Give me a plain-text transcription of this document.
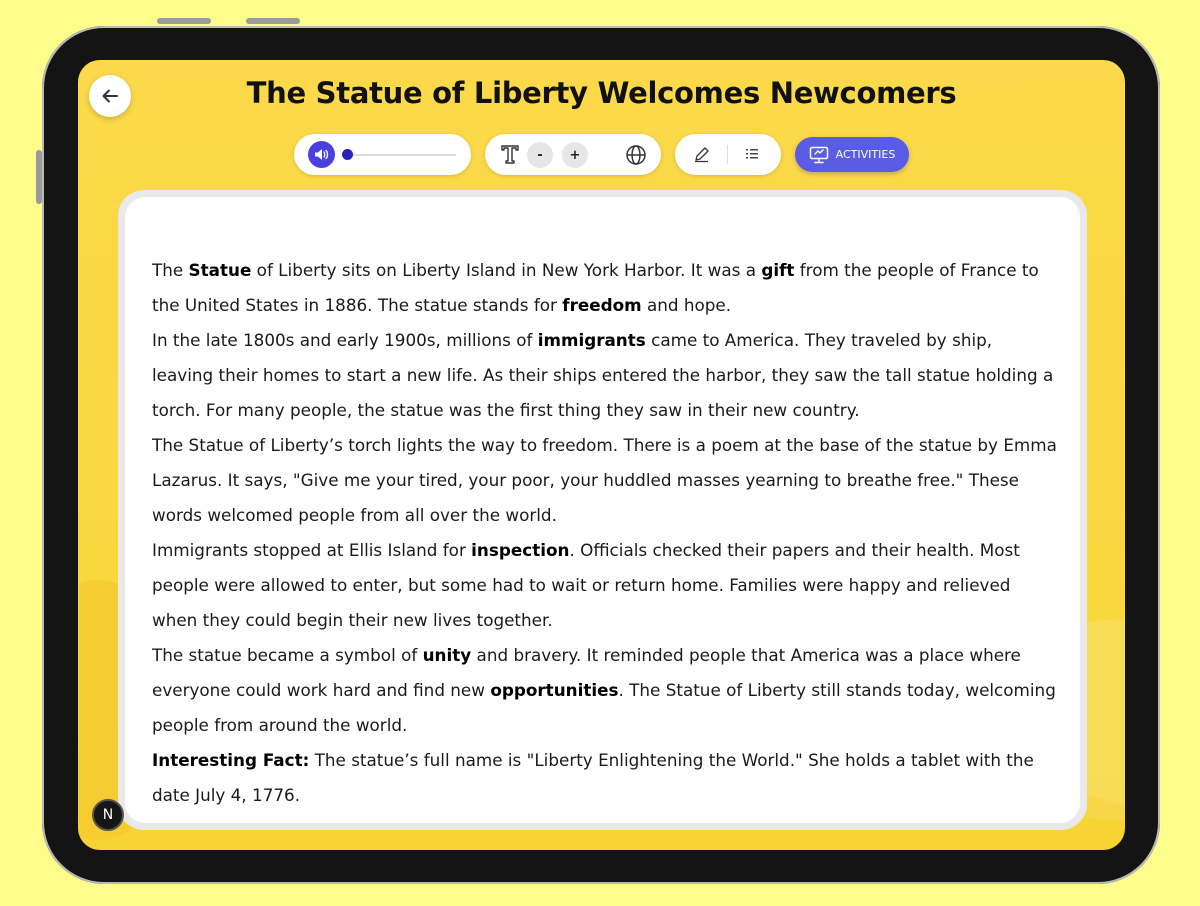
The Statue of Liberty Welcomes Newcomers
-	+	ACTIVITIES

The Statue of Liberty sits on Liberty Island in New York Harbor. It was a gift from the people of France to the United States in 1886. The statue stands for freedom and hope.

In the late 1800s and early 1900s, millions of immigrants came to America. They traveled by ship, leaving their homes to start a new life. As their ships entered the harbor, they saw the tall statue holding a torch. For many people, the statue was the first thing they saw in their new country.

The Statue of Liberty’s torch lights the way to freedom. There is a poem at the base of the statue by Emma Lazarus. It says, "Give me your tired, your poor, your huddled masses yearning to breathe free." These words welcomed people from all over the world.

Immigrants stopped at Ellis Island for inspection. Officials checked their papers and their health. Most people were allowed to enter, but some had to wait or return home. Families were happy and relieved when they could begin their new lives together.

The statue became a symbol of unity and bravery. It reminded people that America was a place where everyone could work hard and find new opportunities. The Statue of Liberty still stands today, welcoming people from around the world.

Interesting Fact: The statue’s full name is "Liberty Enlightening the World." She holds a tablet with the date July 4, 1776.

N
